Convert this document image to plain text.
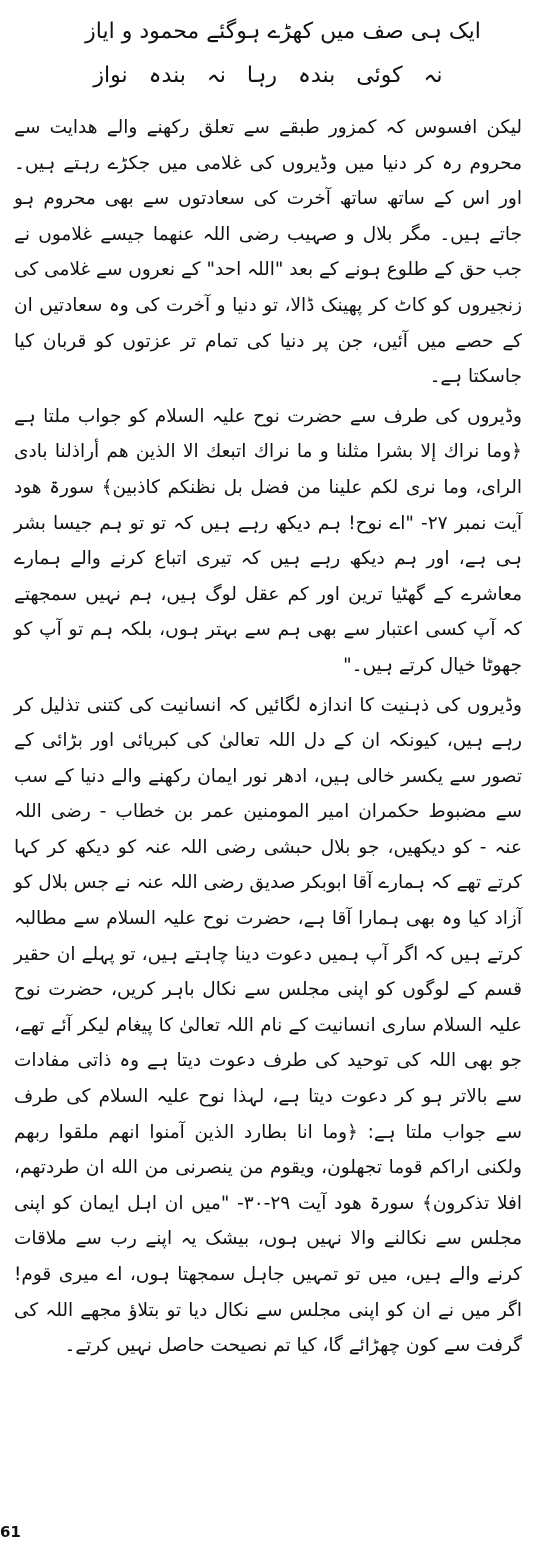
ایک ہی صف میں کھڑے ہوگئے محمود و ایاز

نہ کوئی بندہ رہا نہ بندہ نواز

لیکن افسوس کہ کمزور طبقے سے تعلق رکھنے والے ھدایت سے محروم رہ کر دنیا میں وڈیروں کی غلامی میں جکڑے رہتے ہیں۔ اور اس کے ساتھ ساتھ آخرت کی سعادتوں سے بھی محروم ہو جاتے ہیں۔ مگر بلال و صہیب رضی اللہ عنھما جیسے غلاموں نے جب حق کے طلوع ہونے کے بعد "اللہ احد" کے نعروں سے غلامی کی زنجیروں کو کاٹ کر پھینک ڈالا، تو دنیا و آخرت کی وہ سعادتیں ان کے حصے میں آئیں، جن پر دنیا کی تمام تر عزتوں کو قربان کیا جاسکتا ہے۔

وڈیروں کی طرف سے حضرت نوح علیہ السلام کو جواب ملتا ہے ﴿وما نراك إلا بشرا مثلنا و ما نراك اتبعك الا الذين هم أراذلنا بادى الراى، وما نرى لكم علينا من فضل بل نظنكم كاذبين﴾ سورۃ ھود آیت نمبر ۲۷- "اے نوح! ہم دیکھ رہے ہیں کہ تو تو ہم جیسا بشر ہی ہے، اور ہم دیکھ رہے ہیں کہ تیری اتباع کرنے والے ہمارے معاشرے کے گھٹیا ترین اور کم عقل لوگ ہیں، ہم نہیں سمجھتے کہ آپ کسی اعتبار سے بھی ہم سے بہتر ہوں، بلکہ ہم تو آپ کو جھوٹا خیال کرتے ہیں۔"

وڈیروں کی ذہنیت کا اندازہ لگائیں کہ انسانیت کی کتنی تذلیل کر رہے ہیں، کیونکہ ان کے دل اللہ تعالیٰ کی کبریائی اور بڑائی کے تصور سے یکسر خالی ہیں، ادھر نور ایمان رکھنے والے دنیا کے سب سے مضبوط حکمران امیر المومنین عمر بن خطاب - رضی اللہ عنہ - کو دیکھیں، جو بلال حبشی رضی اللہ عنہ کو دیکھ کر کہا کرتے تھے کہ ہمارے آقا ابوبکر صدیق رضی اللہ عنہ نے جس بلال کو آزاد کیا وہ بھی ہمارا آقا ہے، حضرت نوح علیہ السلام سے مطالبہ کرتے ہیں کہ اگر آپ ہمیں دعوت دینا چاہتے ہیں، تو پہلے ان حقیر قسم کے لوگوں کو اپنی مجلس سے نکال باہر کریں، حضرت نوح علیہ السلام ساری انسانیت کے نام اللہ تعالیٰ کا پیغام لیکر آئے تھے، جو بھی اللہ کی توحید کی طرف دعوت دیتا ہے وہ ذاتی مفادات سے بالاتر ہو کر دعوت دیتا ہے، لہذا نوح علیہ السلام کی طرف سے جواب ملتا ہے: ﴿وما انا بطارد الذين آمنوا انهم ملقوا ربهم ولكنى اراكم قوما تجهلون، ويقوم من ينصرنى من الله ان طردتهم، افلا تذكرون﴾ سورۃ ھود آیت ۲۹-۳۰- "میں ان اہل ایمان کو اپنی مجلس سے نکالنے والا نہیں ہوں، بیشک یہ اپنے رب سے ملاقات کرنے والے ہیں، میں تو تمہیں جاہل سمجھتا ہوں، اے میری قوم! اگر میں نے ان کو اپنی مجلس سے نکال دیا تو بتلاؤ مجھے اللہ کی گرفت سے کون چھڑائے گا، کیا تم نصیحت حاصل نہیں کرتے۔

61
